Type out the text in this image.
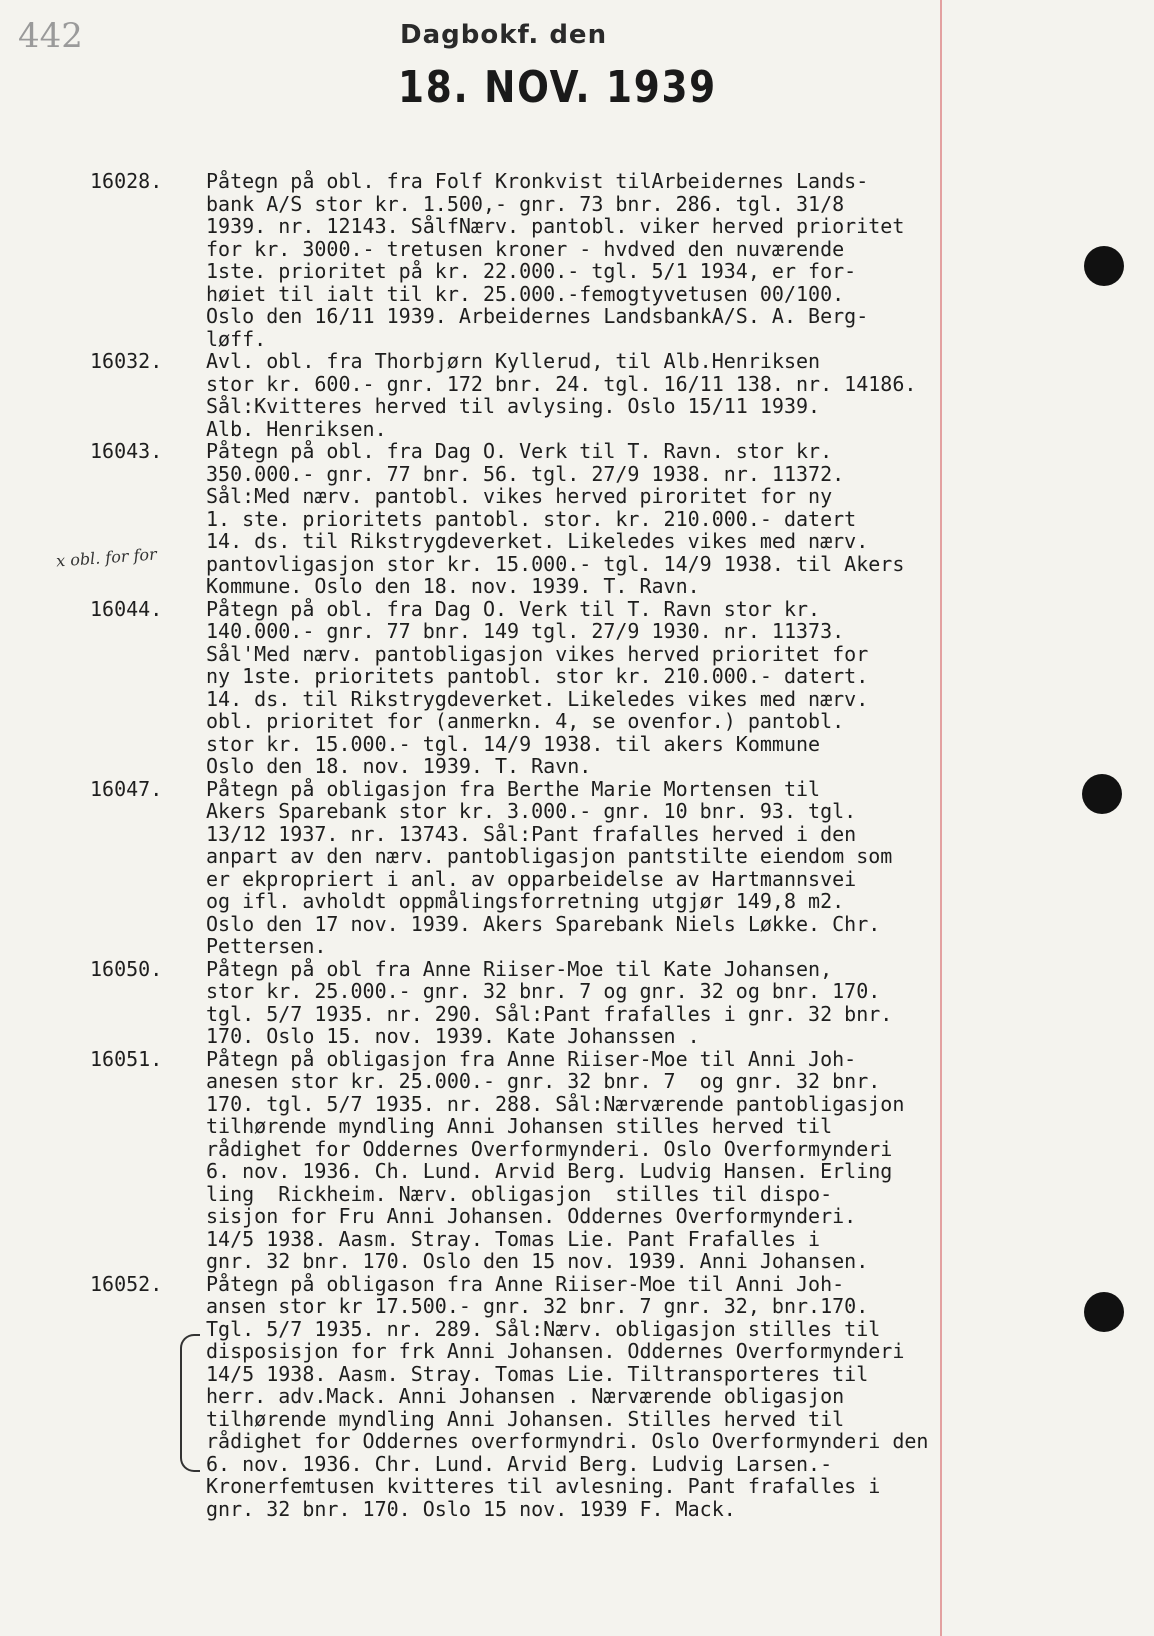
442	Dagbokf. den
18. NOV. 1939
x obl. for for
16028. Påtegn på obl. fra Folf Kronkvist tilArbeidernes Lands-
bank A/S stor kr. 1.500,- gnr. 73 bnr. 286. tgl. 31/8
1939. nr. 12143. SålfNærv. pantobl. viker herved prioritet
for kr. 3000.- tretusen kroner - hvdved den nuværende
1ste. prioritet på kr. 22.000.- tgl. 5/1 1934, er for-
høiet til ialt til kr. 25.000.-femogtyvetusen 00/100.
Oslo den 16/11 1939. Arbeidernes LandsbankA/S. A. Berg-
løff.
16032. Avl. obl. fra Thorbjørn Kyllerud, til Alb.Henriksen
stor kr. 600.- gnr. 172 bnr. 24. tgl. 16/11 138. nr. 14186.
Sål:Kvitteres herved til avlysing. Oslo 15/11 1939.
Alb. Henriksen.
16043. Påtegn på obl. fra Dag O. Verk til T. Ravn. stor kr.
350.000.- gnr. 77 bnr. 56. tgl. 27/9 1938. nr. 11372.
Sål:Med nærv. pantobl. vikes herved piroritet for ny
1. ste. prioritets pantobl. stor. kr. 210.000.- datert
14. ds. til Rikstrygdeverket. Likeledes vikes med nærv.
pantovligasjon stor kr. 15.000.- tgl. 14/9 1938. til Akers
Kommune. Oslo den 18. nov. 1939. T. Ravn.
16044. Påtegn på obl. fra Dag O. Verk til T. Ravn stor kr.
140.000.- gnr. 77 bnr. 149 tgl. 27/9 1930. nr. 11373.
Sål'Med nærv. pantobligasjon vikes herved prioritet for
ny 1ste. prioritets pantobl. stor kr. 210.000.- datert.
14. ds. til Rikstrygdeverket. Likeledes vikes med nærv.
obl. prioritet for (anmerkn. 4, se ovenfor.) pantobl.
stor kr. 15.000.- tgl. 14/9 1938. til akers Kommune
Oslo den 18. nov. 1939. T. Ravn.
16047. Påtegn på obligasjon fra Berthe Marie Mortensen til
Akers Sparebank stor kr. 3.000.- gnr. 10 bnr. 93. tgl.
13/12 1937. nr. 13743. Sål:Pant frafalles herved i den
anpart av den nærv. pantobligasjon pantstilte eiendom som
er ekpropriert i anl. av opparbeidelse av Hartmannsvei
og ifl. avholdt oppmålingsforretning utgjør 149,8 m2.
Oslo den 17 nov. 1939. Akers Sparebank Niels Løkke. Chr.
Pettersen.
16050. Påtegn på obl fra Anne Riiser-Moe til Kate Johansen,
stor kr. 25.000.- gnr. 32 bnr. 7 og gnr. 32 og bnr. 170.
tgl. 5/7 1935. nr. 290. Sål:Pant frafalles i gnr. 32 bnr.
170. Oslo 15. nov. 1939. Kate Johanssen .
16051. Påtegn på obligasjon fra Anne Riiser-Moe til Anni Joh-
anesen stor kr. 25.000.- gnr. 32 bnr. 7  og gnr. 32 bnr.
170. tgl. 5/7 1935. nr. 288. Sål:Nærværende pantobligasjon
tilhørende myndling Anni Johansen stilles herved til
rådighet for Oddernes Overformynderi. Oslo Overformynderi
6. nov. 1936. Ch. Lund. Arvid Berg. Ludvig Hansen. Erling
ling  Rickheim. Nærv. obligasjon  stilles til dispo-
sisjon for Fru Anni Johansen. Oddernes Overformynderi.
14/5 1938. Aasm. Stray. Tomas Lie. Pant Frafalles i
gnr. 32 bnr. 170. Oslo den 15 nov. 1939. Anni Johansen.
16052. Påtegn på obligason fra Anne Riiser-Moe til Anni Joh-
ansen stor kr 17.500.- gnr. 32 bnr. 7 gnr. 32, bnr.170.
Tgl. 5/7 1935. nr. 289. Sål:Nærv. obligasjon stilles til
disposisjon for frk Anni Johansen. Oddernes Overformynderi
14/5 1938. Aasm. Stray. Tomas Lie. Tiltransporteres til
herr. adv.Mack. Anni Johansen . Nærværende obligasjon
tilhørende myndling Anni Johansen. Stilles herved til
rådighet for Oddernes overformyndri. Oslo Overformynderi den
6. nov. 1936. Chr. Lund. Arvid Berg. Ludvig Larsen.-
Kronerfemtusen kvitteres til avlesning. Pant frafalles i
gnr. 32 bnr. 170. Oslo 15 nov. 1939 F. Mack.
